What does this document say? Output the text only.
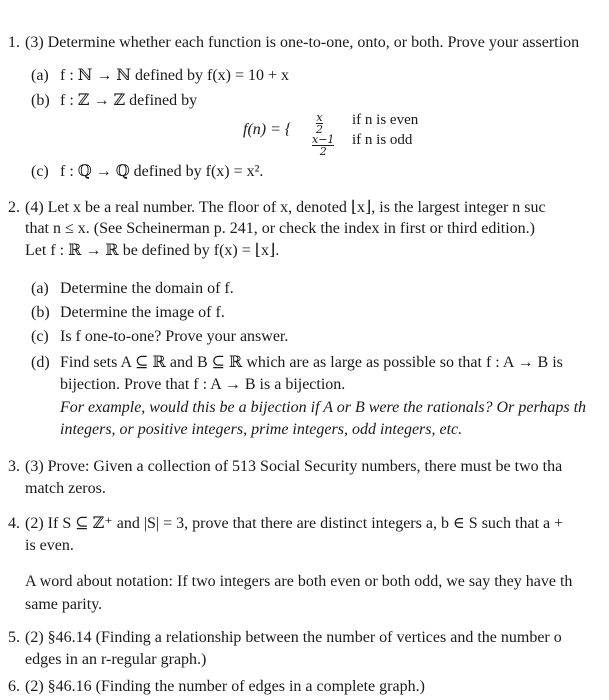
1. (3) Determine whether each function is one-to-one, onto, or both. Prove your assertion
(a) f : ℕ → ℕ defined by f(x) = 10 + x
(b) f : ℤ → ℤ defined by
f(n) = { $\frac{x}{2}$
$\frac{x-1}{2}$
if n is even
if n is odd
(c) f : ℚ → ℚ defined by f(x) = x².
2. (4) Let x be a real number. The floor of x, denoted ⌊x⌋, is the largest integer n suc
that n ≤ x. (See Scheinerman p. 241, or check the index in first or third edition.)
Let f : ℝ → ℝ be defined by f(x) = ⌊x⌋.
(a) Determine the domain of f.
(b) Determine the image of f.
(c) Is f one-to-one? Prove your answer.
(d) Find sets A ⊆ ℝ and B ⊆ ℝ which are as large as possible so that f : A → B is
bijection. Prove that f : A → B is a bijection.
For example, would this be a bijection if A or B were the rationals? Or perhaps th
integers, or positive integers, prime integers, odd integers, etc.
3. (3) Prove: Given a collection of 513 Social Security numbers, there must be two tha
match zeros.
4. (2) If S ⊆ ℤ⁺ and |S| = 3, prove that there are distinct integers a, b ∈ S such that a +
is even.
A word about notation: If two integers are both even or both odd, we say they have th
same parity.
5. (2) §46.14 (Finding a relationship between the number of vertices and the number o
edges in an r-regular graph.)
6. (2) §46.16 (Finding the number of edges in a complete graph.)
